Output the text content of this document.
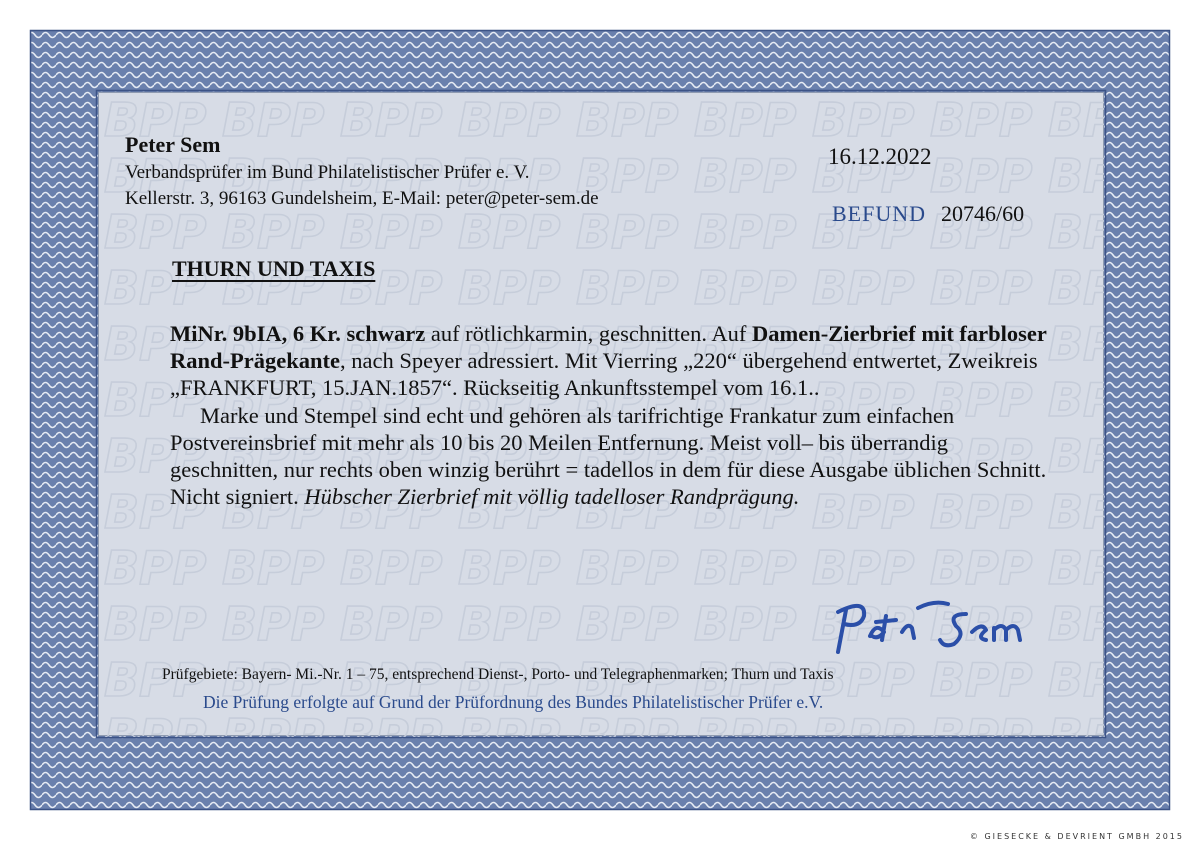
Peter Sem
Verbandsprüfer im Bund Philatelistischer Prüfer e. V.
Kellerstr. 3, 96163 Gundelsheim, E-Mail: peter@peter-sem.de
16.12.2022
BEFUND 20746/60
THURN UND TAXIS

MiNr. 9bIA, 6 Kr. schwarz auf rötlichkarmin, geschnitten. Auf Damen-Zierbrief mit farbloser Rand-Prägekante, nach Speyer adressiert. Mit Vierring „220“ übergehend entwertet, Zweikreis „FRANKFURT, 15.JAN.1857“. Rückseitig Ankunftsstempel vom 16.1..

Marke und Stempel sind echt und gehören als tarifrichtige Frankatur zum einfachen Postvereinsbrief mit mehr als 10 bis 20 Meilen Entfernung. Meist voll– bis überrandig geschnitten, nur rechts oben winzig berührt = tadellos in dem für diese Ausgabe üblichen Schnitt. Nicht signiert. Hübscher Zierbrief mit völlig tadelloser Randprägung.

Prüfgebiete: Bayern- Mi.-Nr. 1 – 75, entsprechend Dienst-, Porto- und Telegraphenmarken; Thurn und Taxis
Die Prüfung erfolgte auf Grund der Prüfordnung des Bundes Philatelistischer Prüfer e.V.
© GIESECKE & DEVRIENT GMBH 2015
